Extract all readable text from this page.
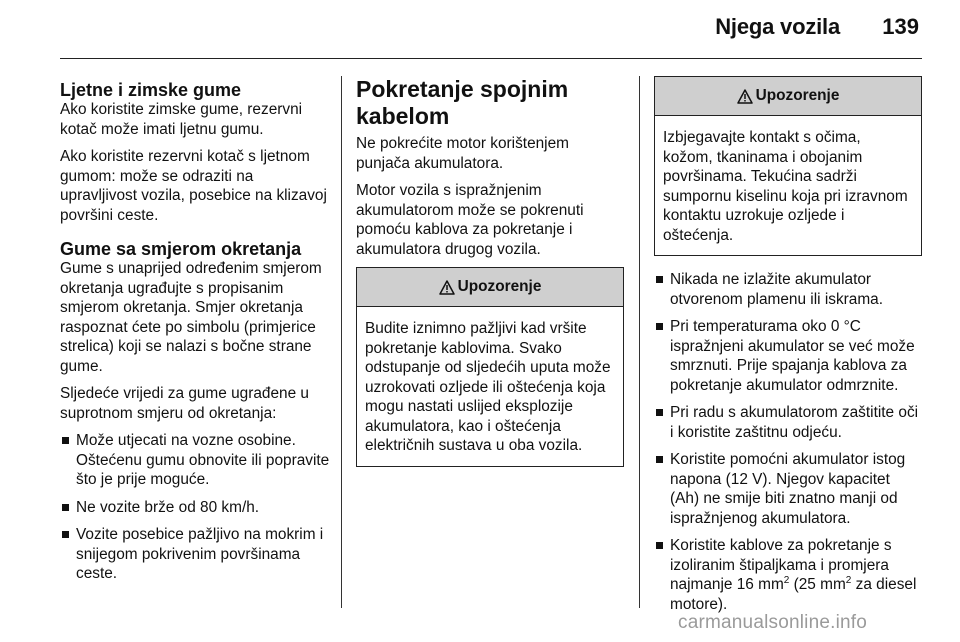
Njega vozila 139
Ljetne i zimske gume

Ako koristite zimske gume, rezervni kotač može imati ljetnu gumu.

Ako koristite rezervni kotač s ljetnom gumom: može se odraziti na upravljivost vozila, posebice na klizavoj površini ceste.

Gume sa smjerom okretanja

Gume s unaprijed određenim smjerom okretanja ugrađujte s propisanim smjerom okretanja. Smjer okretanja raspoznat ćete po simbolu (primjerice strelica) koji se nalazi s bočne strane gume.

Sljedeće vrijedi za gume ugrađene u suprotnom smjeru od okretanja:

Može utjecati na vozne osobine. Oštećenu gumu obnovite ili popravite što je prije moguće.
Ne vozite brže od 80 km/h.
Vozite posebice pažljivo na mokrim i snijegom pokrivenim površinama ceste.
Pokretanje spojnim kabelom

Ne pokrećite motor korištenjem punjača akumulatora.

Motor vozila s ispražnjenim akumulatorom može se pokrenuti pomoću kablova za pokretanje i akumulatora drugog vozila.

Upozorenje
Budite iznimno pažljivi kad vršite pokretanje kablovima. Svako odstupanje od sljedećih uputa može uzrokovati ozljede ili oštećenja koja mogu nastati uslijed eksplozije akumulatora, kao i oštećenja električnih sustava u oba vozila.
Upozorenje
Izbjegavajte kontakt s očima, kožom, tkaninama i obojanim površinama. Tekućina sadrži sumpornu kiselinu koja pri izravnom kontaktu uzrokuje ozljede i oštećenja.
Nikada ne izlažite akumulator otvorenom plamenu ili iskrama.
Pri temperaturama oko 0 °C ispražnjeni akumulator se već može smrznuti. Prije spajanja kablova za pokretanje akumulator odmrznite.
Pri radu s akumulatorom zaštitite oči i koristite zaštitnu odjeću.
Koristite pomoćni akumulator istog napona (12 V). Njegov kapacitet (Ah) ne smije biti znatno manji od ispražnjenog akumulatora.
Koristite kablove za pokretanje s izoliranim štipaljkama i promjera najmanje 16 $mm^2$ (25 $mm^2$ za diesel motore).
carmanualsonline.info
